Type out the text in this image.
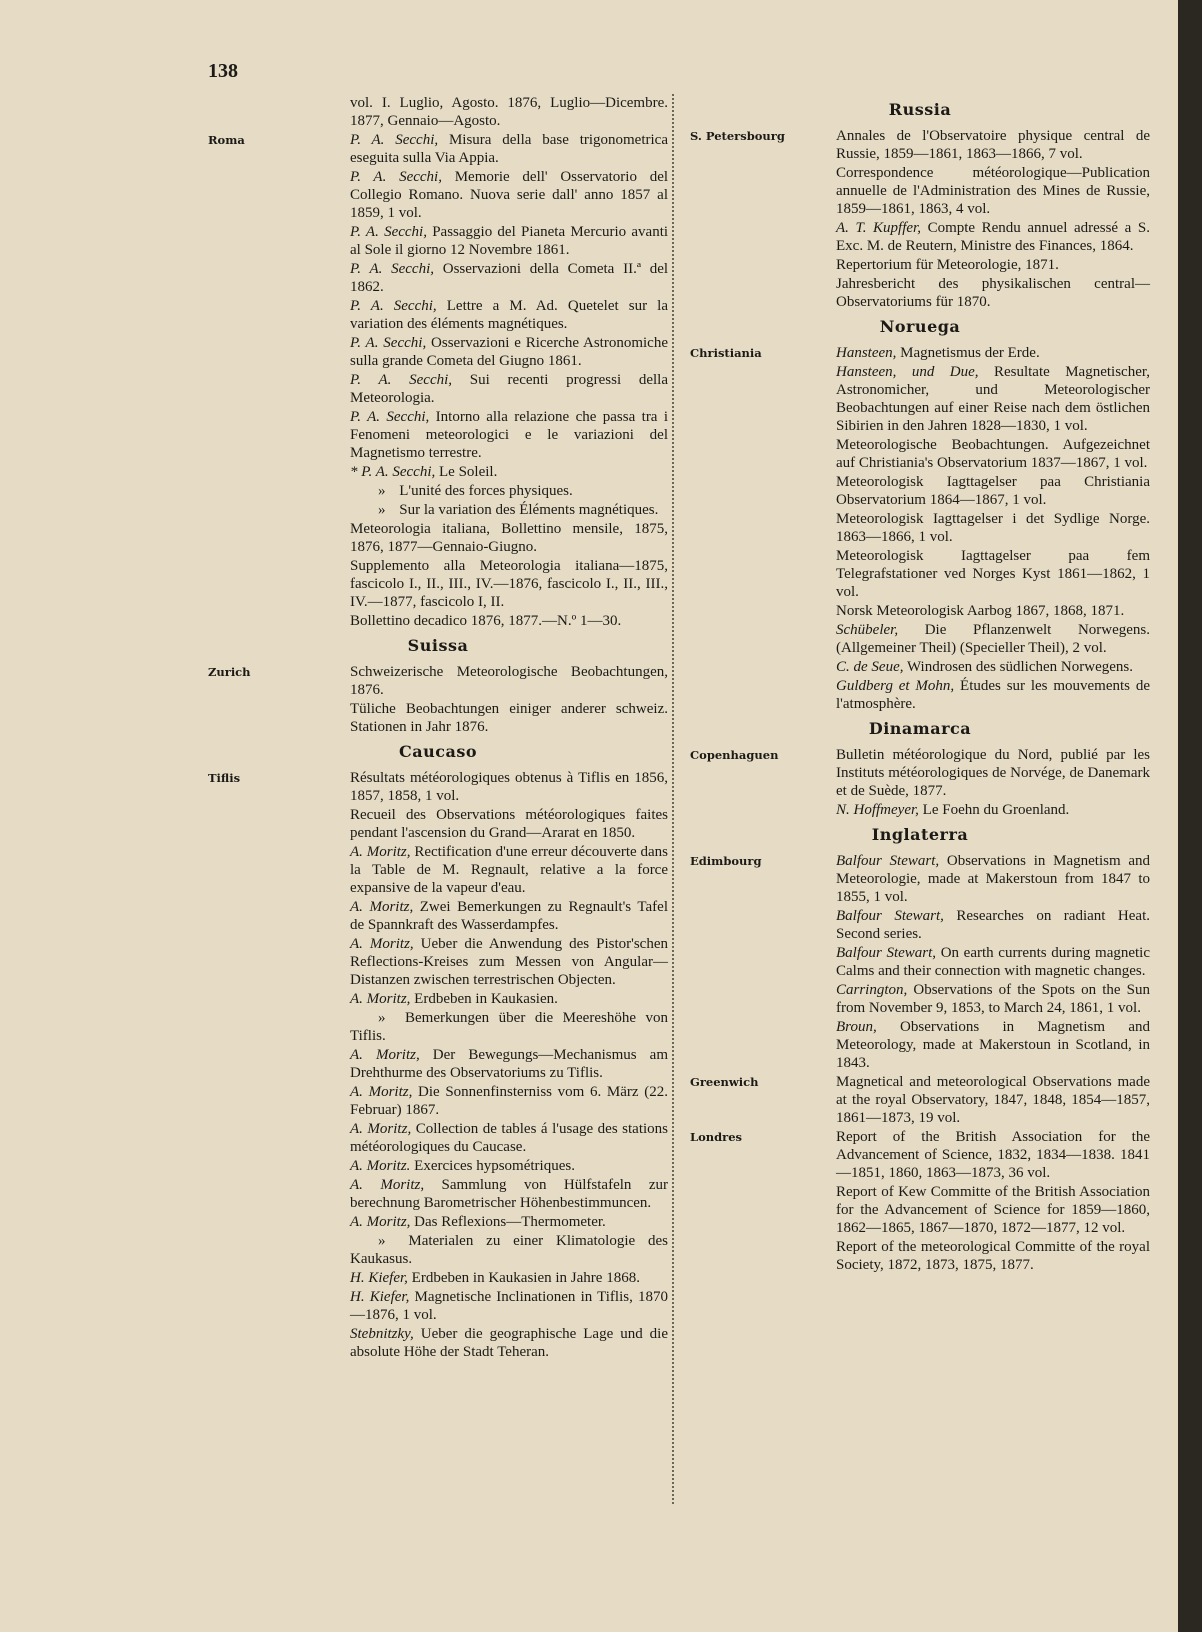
138
vol. I. Luglio, Agosto. 1876, Luglio—Dicembre. 1877, Gennaio—Agosto.
Roma	P. A. Secchi, Misura della base trigonometrica eseguita sulla Via Appia.
P. A. Secchi, Memorie dell' Osservatorio del Collegio Romano. Nuova serie dall' anno 1857 al 1859, 1 vol.
P. A. Secchi, Passaggio del Pianeta Mercurio avanti al Sole il giorno 12 Novembre 1861.
P. A. Secchi, Osservazioni della Cometa II.ª del 1862.
P. A. Secchi, Lettre a M. Ad. Quetelet sur la variation des éléments magnétiques.
P. A. Secchi, Osservazioni e Ricerche Astronomiche sulla grande Cometa del Giugno 1861.
P. A. Secchi, Sui recenti progressi della Meteorologia.
P. A. Secchi, Intorno alla relazione che passa tra i Fenomeni meteorologici e le variazioni del Magnetismo terrestre.
* P. A. Secchi, Le Soleil.
» L'unité des forces physiques.
» Sur la variation des Éléments magnétiques.
Meteorologia italiana, Bollettino mensile, 1875, 1876, 1877—Gennaio-Giugno.
Supplemento alla Meteorologia italiana—1875, fascicolo I., II., III., IV.—1876, fascicolo I., II., III., IV.—1877, fascicolo I, II.
Bollettino decadico 1876, 1877.—N.º 1—30.
Suissa
Zurich	Schweizerische Meteorologische Beobachtungen, 1876.
Tüliche Beobachtungen einiger anderer schweiz. Stationen in Jahr 1876.
Caucaso
Tiflis	Résultats météorologiques obtenus à Tiflis en 1856, 1857, 1858, 1 vol.
Recueil des Observations météorologiques faites pendant l'ascension du Grand—Ararat en 1850.
A. Moritz, Rectification d'une erreur découverte dans la Table de M. Regnault, relative a la force expansive de la vapeur d'eau.
A. Moritz, Zwei Bemerkungen zu Regnault's Tafel de Spannkraft des Wasserdampfes.
A. Moritz, Ueber die Anwendung des Pistor'schen Reflections-Kreises zum Messen von Angular—Distanzen zwischen terrestrischen Objecten.
A. Moritz, Erdbeben in Kaukasien.
» Bemerkungen über die Meereshöhe von Tiflis.
A. Moritz, Der Bewegungs—Mechanismus am Drehthurme des Observatoriums zu Tiflis.
A. Moritz, Die Sonnenfinsterniss vom 6. März (22. Februar) 1867.
A. Moritz, Collection de tables á l'usage des stations météorologiques du Caucase.
A. Moritz. Exercices hypsométriques.
A. Moritz, Sammlung von Hülfstafeln zur berechnung Barometrischer Höhenbestimmuncen.
A. Moritz, Das Reflexions—Thermometer.
» Materialen zu einer Klimatologie des Kaukasus.
H. Kiefer, Erdbeben in Kaukasien in Jahre 1868.
H. Kiefer, Magnetische Inclinationen in Tiflis, 1870—1876, 1 vol.
Stebnitzky, Ueber die geographische Lage und die absolute Höhe der Stadt Teheran.
Russia
S. Petersbourg	Annales de l'Observatoire physique central de Russie, 1859—1861, 1863—1866, 7 vol.
Correspondence météorologique—Publication annuelle de l'Administration des Mines de Russie, 1859—1861, 1863, 4 vol.
A. T. Kupffer, Compte Rendu annuel adressé a S. Exc. M. de Reutern, Ministre des Finances, 1864.
Repertorium für Meteorologie, 1871.
Jahresbericht des physikalischen central—Observatoriums für 1870.
Noruega
Christiania	Hansteen, Magnetismus der Erde.
Hansteen, und Due, Resultate Magnetischer, Astronomicher, und Meteorologischer Beobachtungen auf einer Reise nach dem östlichen Sibirien in den Jahren 1828—1830, 1 vol.
Meteorologische Beobachtungen. Aufgezeichnet auf Christiania's Observatorium 1837—1867, 1 vol.
Meteorologisk Iagttagelser paa Christiania Observatorium 1864—1867, 1 vol.
Meteorologisk Iagttagelser i det Sydlige Norge. 1863—1866, 1 vol.
Meteorologisk Iagttagelser paa fem Telegrafstationer ved Norges Kyst 1861—1862, 1 vol.
Norsk Meteorologisk Aarbog 1867, 1868, 1871.
Schübeler, Die Pflanzenwelt Norwegens. (Allgemeiner Theil) (Specieller Theil), 2 vol.
C. de Seue, Windrosen des südlichen Norwegens.
Guldberg et Mohn, Études sur les mouvements de l'atmosphère.
Dinamarca
Copenhaguen	Bulletin météorologique du Nord, publié par les Instituts météorologiques de Norvége, de Danemark et de Suède, 1877.
N. Hoffmeyer, Le Foehn du Groenland.
Inglaterra
Edimbourg	Balfour Stewart, Observations in Magnetism and Meteorologie, made at Makerstoun from 1847 to 1855, 1 vol.
Balfour Stewart, Researches on radiant Heat. Second series.
Balfour Stewart, On earth currents during magnetic Calms and their connection with magnetic changes.
Carrington, Observations of the Spots on the Sun from November 9, 1853, to March 24, 1861, 1 vol.
Broun, Observations in Magnetism and Meteorology, made at Makerstoun in Scotland, in 1843.
Greenwich	Magnetical and meteorological Observations made at the royal Observatory, 1847, 1848, 1854—1857, 1861—1873, 19 vol.
Londres	Report of the British Association for the Advancement of Science, 1832, 1834—1838. 1841—1851, 1860, 1863—1873, 36 vol.
Report of Kew Committe of the British Association for the Advancement of Science for 1859—1860, 1862—1865, 1867—1870, 1872—1877, 12 vol.
Report of the meteorological Committe of the royal Society, 1872, 1873, 1875, 1877.
